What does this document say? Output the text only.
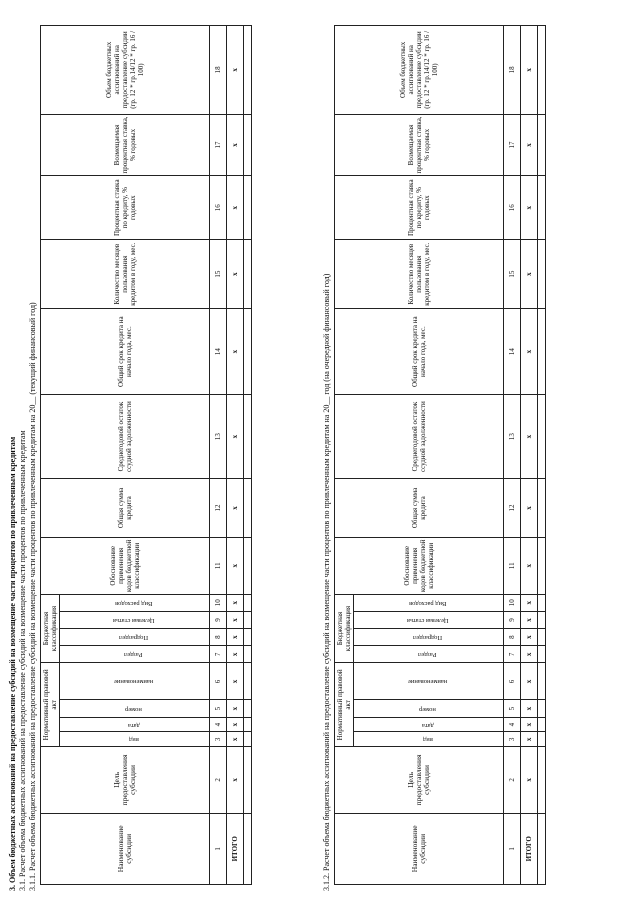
3. Объем бюджетных ассигнований на предоставление субсидий на возмещение части процентов по привлеченным кредитам 3.1. Расчет объема бюджетных ассигнований на предоставление субсидий на возмещение части процентов по привлеченным кредитам 3.1.1. Расчет объема бюджетных ассигнований на предоставление субсидий на возмещение части процентов по привлеченным кредитам на 20__ (текущий финансовый год)	Наименование субсидии	Цель предоставления субсидии	Нормативный правовой акт				Бюджетная классификация				Обоснование применения кодов бюджетной классификации	Общая сумма кредита	Среднегодовой остаток ссудной задолженности	Общий срок кредита на начало года, мес.	Количество месяцев пользования кредитом в году, мес.	Процентная ставка по кредиту, % годовых	Возмещаемая процентная ставка, % годовых	Объем бюджетных ассигнований на предоставление субсидии (гр. 12 * гр.14/12 * гр. 16 / 100)
		вид	дата	номер	наименование	Раздел	Подраздел	Целевая статья	Вид расходов								
1	2	3	4	5	6	7	8	9	10	11	12	13	14	15	16	17	18
ИТОГО	x	x	x	x	x	x	x	x	x	x	x	x	x	x	x	x	x

3.1.2. Расчет объема бюджетных ассигнований на предоставление субсидий на возмещение части процентов по привлеченным кредитам на 20__ год (на очередной финансовый год)	Наименование субсидии	Цель предоставления субсидии	Нормативный правовой акт				Бюджетная классификация				Обоснование применения кодов бюджетной классификации	Общая сумма кредита	Среднегодовой остаток ссудной задолженности	Общий срок кредита на начало года, мес.	Количество месяцев пользования кредитом в году, мес.	Процентная ставка по кредиту, % годовых	Возмещаемая процентная ставка, % годовых	Объем бюджетных ассигнований на предоставление субсидии (гр. 12 * гр.14/12 * гр. 16 / 100)
		вид	дата	номер	наименование	Раздел	Подраздел	Целевая статья	Вид расходов								
1	2	3	4	5	6	7	8	9	10	11	12	13	14	15	16	17	18
ИТОГО	x	x	x	x	x	x	x	x	x	x	x	x	x	x	x	x	x
